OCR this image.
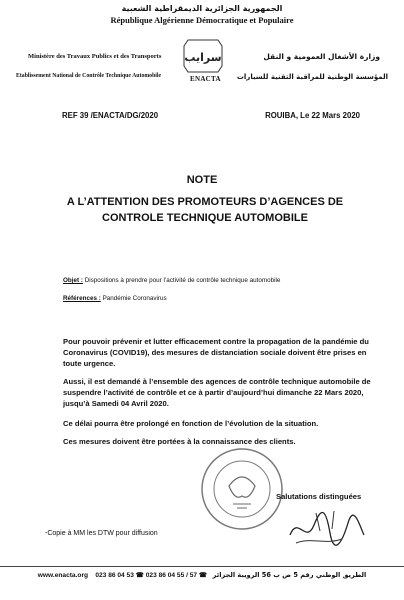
الجمهورية الجزائرية الديمقراطية الشعبية
République Algérienne Démocratique et Populaire
Ministère des Travaux Publics et des Transports
Etablissement National de Contrôle Technique Automobile
وزارة الأشغال العمومية و النقل
المؤسسة الوطنية للمراقبة التقنية للسيارات
سرايب
ENACTA
REF 39 /ENACTA/DG/2020	ROUIBA, Le 22 Mars 2020
NOTE
A L’ATTENTION DES PROMOTEURS D’AGENCES DE CONTROLE TECHNIQUE AUTOMOBILE
Objet : Dispositions à prendre pour l’activité de contrôle technique automobile
Références : Pandémie Coronavirus
Pour pouvoir prévenir et lutter efficacement contre la propagation de la pandémie du Coronavirus (COVID19), des mesures de distanciation sociale doivent être prises en toute urgence.
Aussi, il est demandé à l’ensemble des agences de contrôle technique automobile de suspendre l’activité de contrôle et ce à partir d’aujourd’hui dimanche 22 Mars 2020, jusqu’à Samedi 04 Avril 2020.
Ce délai pourra être prolongé en fonction de l’évolution de la situation.
Ces mesures doivent être portées à la connaissance des clients.
Salutations distinguées
-Copie à MM les DTW pour diffusion
www.enacta.org 023 86 04 53 ☎ 023 86 04 55 / 57 ☎ الطريق الوطني رقم 5 ص ب 56 الرويبة الجزائر
